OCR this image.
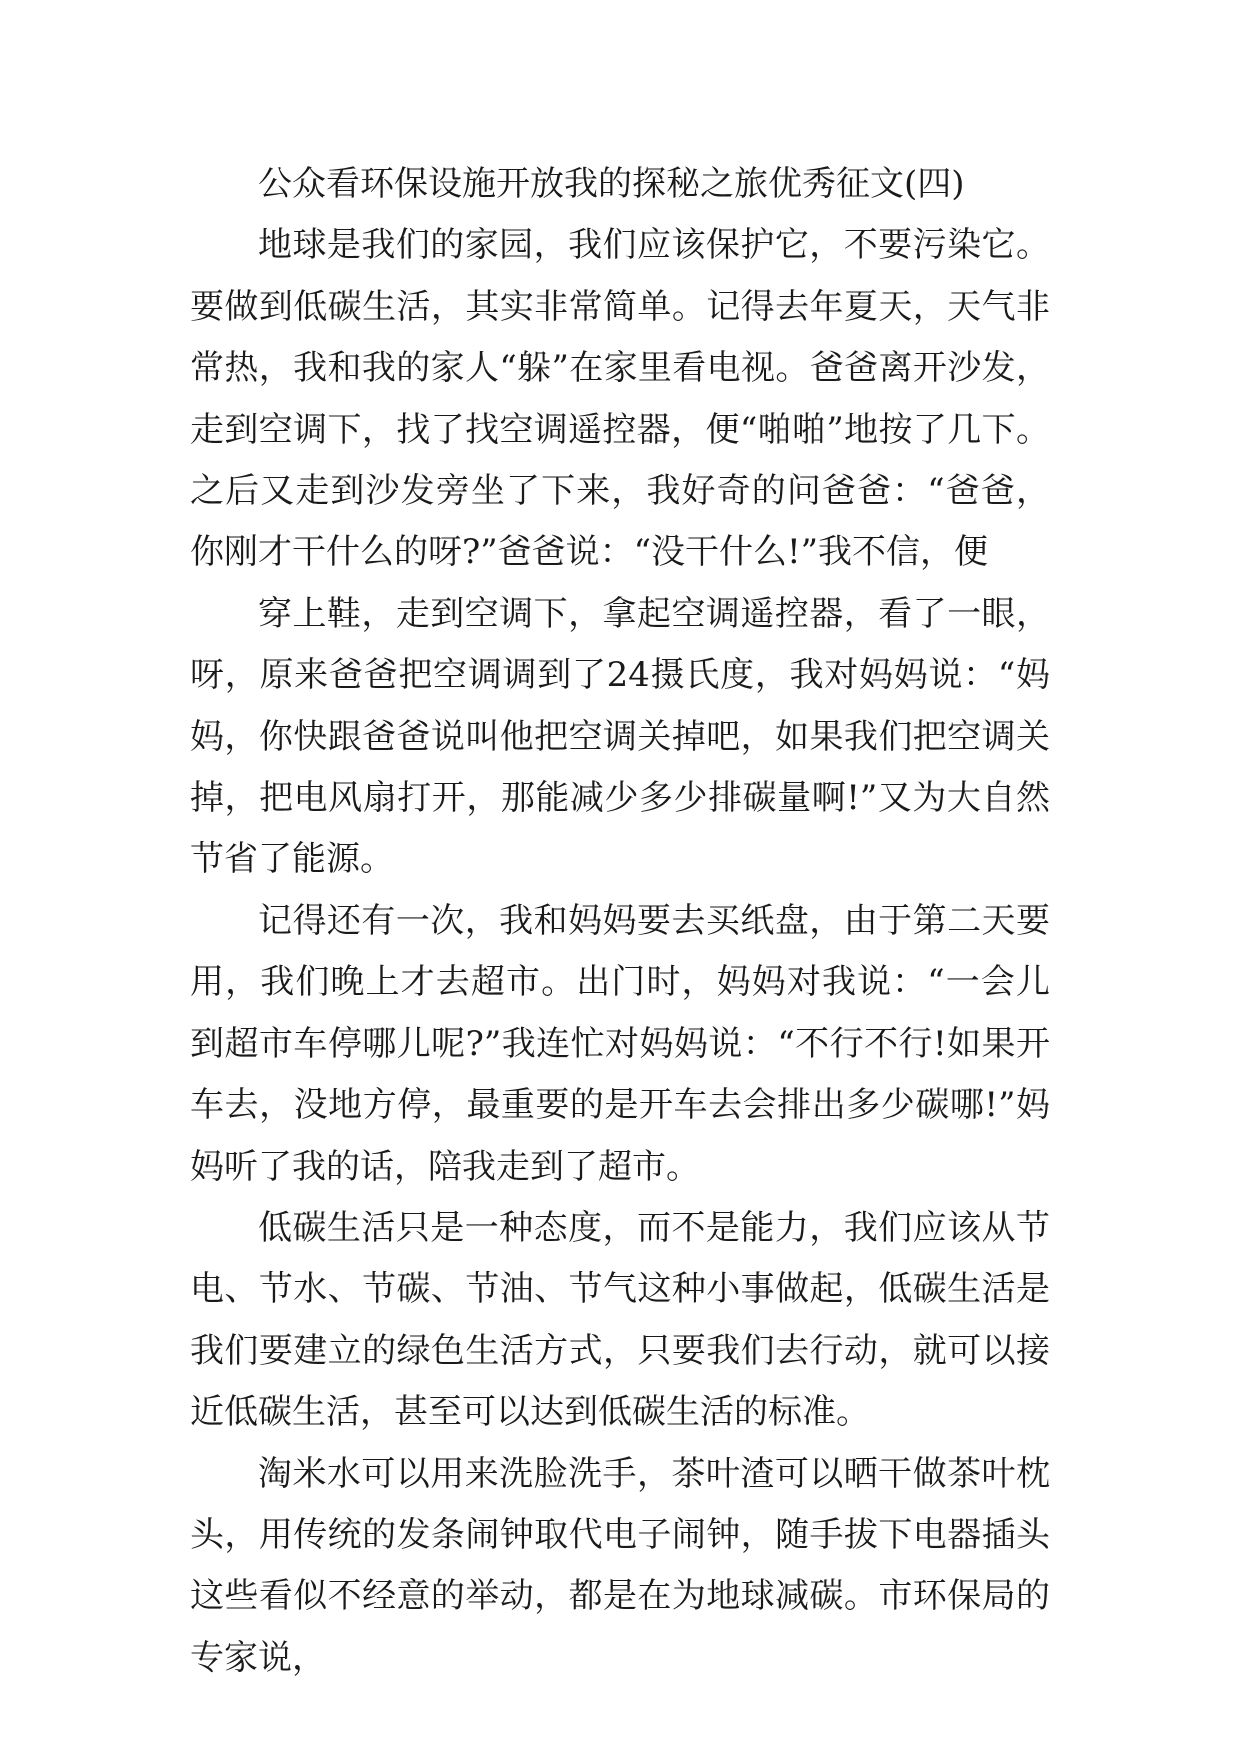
公众看环保设施开放我的探秘之旅优秀征文(四)

地球是我们的家园，我们应该保护它，不要污染它。要做到低碳生活，其实非常简单。记得去年夏天，天气非常热，我和我的家人“躲”在家里看电视。爸爸离开沙发，走到空调下，找了找空调遥控器，便“啪啪”地按了几下。之后又走到沙发旁坐了下来，我好奇的问爸爸：“爸爸，你刚才干什么的呀?”爸爸说：“没干什么!”我不信，便

穿上鞋，走到空调下，拿起空调遥控器，看了一眼，呀，原来爸爸把空调调到了24摄氏度，我对妈妈说：“妈妈，你快跟爸爸说叫他把空调关掉吧，如果我们把空调关掉，把电风扇打开，那能减少多少排碳量啊!”又为大自然节省了能源。

记得还有一次，我和妈妈要去买纸盘，由于第二天要用，我们晚上才去超市。出门时，妈妈对我说：“一会儿到超市车停哪儿呢?”我连忙对妈妈说：“不行不行!如果开车去，没地方停，最重要的是开车去会排出多少碳哪!”妈妈听了我的话，陪我走到了超市。

低碳生活只是一种态度，而不是能力，我们应该从节电、节水、节碳、节油、节气这种小事做起，低碳生活是我们要建立的绿色生活方式，只要我们去行动，就可以接近低碳生活，甚至可以达到低碳生活的标准。

淘米水可以用来洗脸洗手，茶叶渣可以晒干做茶叶枕头，用传统的发条闹钟取代电子闹钟，随手拔下电器插头这些看似不经意的举动，都是在为地球减碳。市环保局的专家说，
